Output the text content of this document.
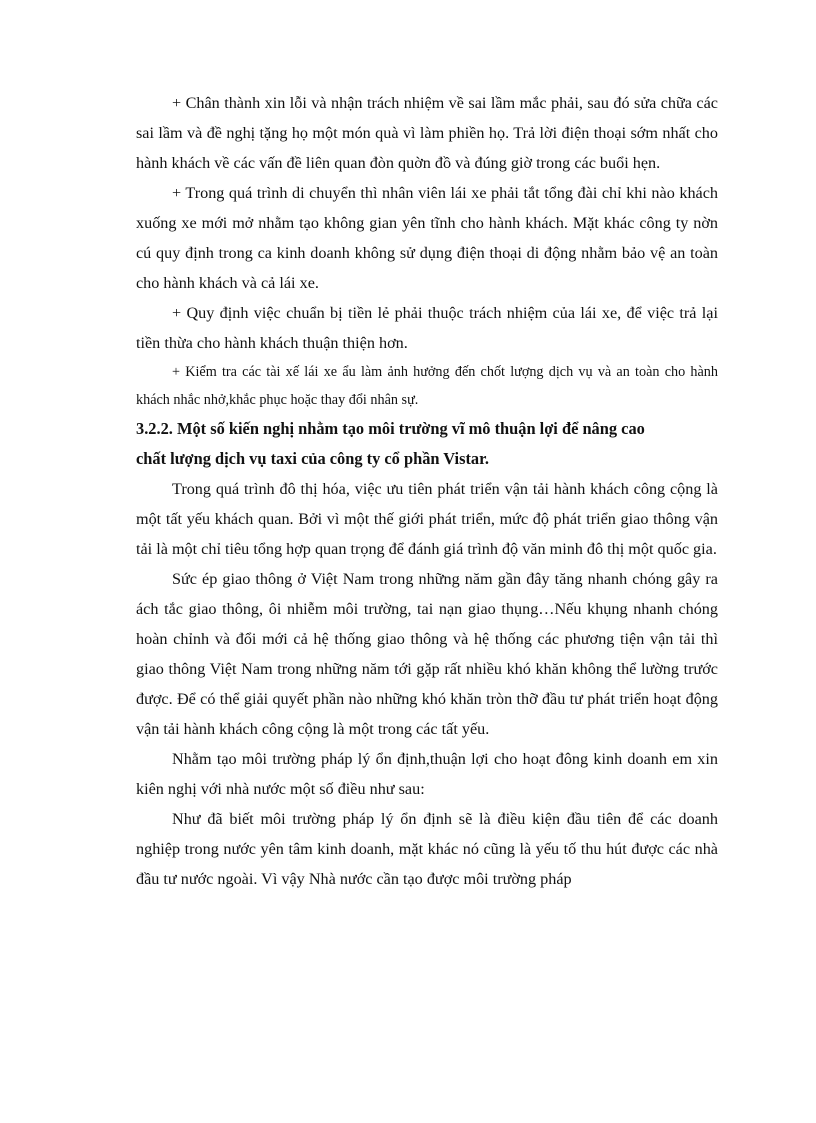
+ Chân thành xin lỗi và nhận trách nhiệm về sai lầm mắc phải, sau đó sửa chữa các sai lầm và đề nghị tặng họ một món quà vì làm phiền họ. Trả lời điện thoại sớm nhất cho hành khách về các vấn đề liên quan đòn quờn đồ và đúng giờ trong các buổi hẹn.

+ Trong quá trình di chuyển thì nhân viên lái xe phải tắt tổng đài chỉ khi nào khách xuống xe mới mở nhằm tạo không gian yên tĩnh cho hành khách. Mặt khác công ty nờn cú quy định trong ca kinh doanh không sử dụng điện thoại di động nhằm bảo vệ an toàn cho hành khách và cả lái xe.

+ Quy định việc chuẩn bị tiền lẻ phải thuộc trách nhiệm của lái xe, để việc trả lại tiền thừa cho hành khách thuận thiện hơn.

+ Kiểm tra các tài xế lái xe ẩu làm ảnh hưởng đến chốt lượng dịch vụ và an toàn cho hành khách nhắc nhở,khắc phục hoặc thay đổi nhân sự.

3.2.2. Một số kiến nghị nhằm tạo môi trường vĩ mô thuận lợi để nâng cao
chất lượng dịch vụ taxi của công ty cổ phần Vistar.

Trong quá trình đô thị hóa, việc ưu tiên phát triển vận tải hành khách công cộng là một tất yếu khách quan. Bởi vì một thế giới phát triển, mức độ phát triển giao thông vận tải là một chỉ tiêu tổng hợp quan trọng để đánh giá trình độ văn minh đô thị một quốc gia.

Sức ép giao thông ở Việt Nam trong những năm gần đây tăng nhanh chóng gây ra ách tắc giao thông, ôi nhiễm môi trường, tai nạn giao thụng…Nếu khụng nhanh chóng hoàn chỉnh và đổi mới cả hệ thống giao thông và hệ thống các phương tiện vận tải thì giao thông Việt Nam trong những năm tới gặp rất nhiều khó khăn không thể lường trước được. Để có thể giải quyết phần nào những khó khăn tròn thỡ đầu tư phát triển hoạt động vận tải hành khách công cộng là một trong các tất yếu.

Nhằm tạo môi trường pháp lý ổn định,thuận lợi cho hoạt đông kinh doanh em xin kiên nghị với nhà nước một số điều như sau:

Như đã biết môi trường pháp lý ổn định sẽ là điều kiện đầu tiên để các doanh nghiệp trong nước yên tâm kinh doanh, mặt khác nó cũng là yếu tố thu hút được các nhà đầu tư nước ngoài. Vì vậy Nhà nước cần tạo được môi trường pháp
